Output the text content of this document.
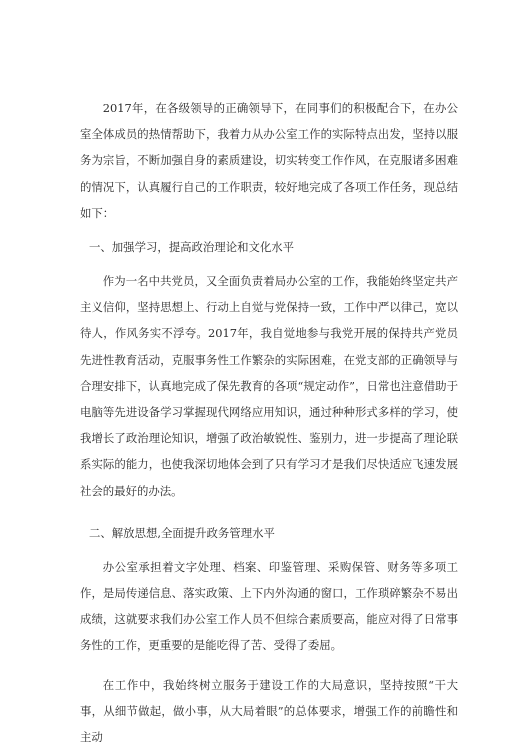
2017年，在各级领导的正确领导下，在同事们的积极配合下，在办公室全体成员的热情帮助下，我着力从办公室工作的实际特点出发，坚持以服务为宗旨，不断加强自身的素质建设，切实转变工作作风，在克服诸多困难的情况下，认真履行自己的工作职责，较好地完成了各项工作任务，现总结如下：

一、加强学习，提高政治理论和文化水平

作为一名中共党员，又全面负责着局办公室的工作，我能始终坚定共产主义信仰，坚持思想上、行动上自觉与党保持一致，工作中严以律己，宽以待人，作风务实不浮夸。2017年，我自觉地参与我党开展的保持共产党员先进性教育活动，克服事务性工作繁杂的实际困难，在党支部的正确领导与合理安排下，认真地完成了保先教育的各项“规定动作”，日常也注意借助于电脑等先进设备学习掌握现代网络应用知识，通过种种形式多样的学习，使我增长了政治理论知识，增强了政治敏锐性、鉴别力，进一步提高了理论联系实际的能力，也使我深切地体会到了只有学习才是我们尽快适应飞速发展社会的最好的办法。

二、解放思想,全面提升政务管理水平

办公室承担着文字处理、档案、印鉴管理、采购保管、财务等多项工作，是局传递信息、落实政策、上下内外沟通的窗口，工作琐碎繁杂不易出成绩，这就要求我们办公室工作人员不但综合素质要高，能应对得了日常事务性的工作，更重要的是能吃得了苦、受得了委屈。

在工作中，我始终树立服务于建设工作的大局意识，坚持按照“干大事，从细节做起，做小事，从大局着眼”的总体要求，增强工作的前瞻性和主动
